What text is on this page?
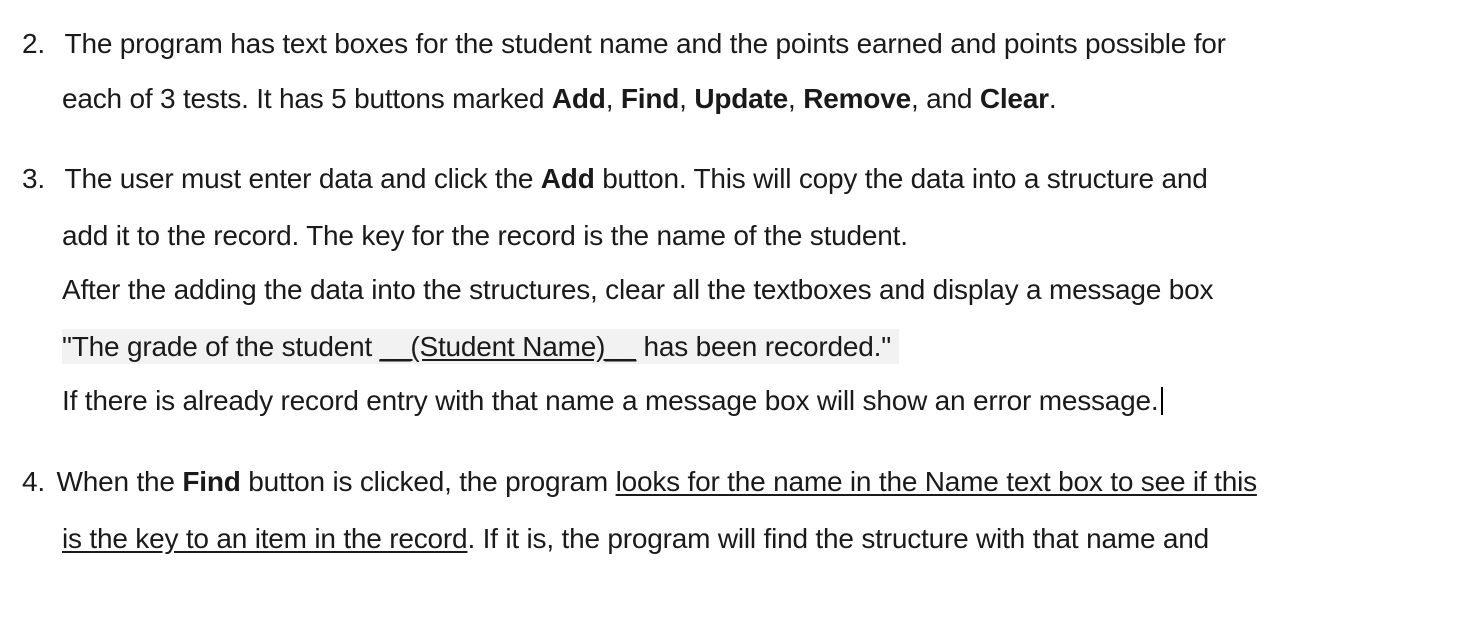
2. The program has text boxes for the student name and the points earned and points possible for
each of 3 tests. It has 5 buttons marked Add, Find, Update, Remove, and Clear.
3. The user must enter data and click the Add button. This will copy the data into a structure and
add it to the record. The key for the record is the name of the student.
After the adding the data into the structures, clear all the textboxes and display a message box
"The grade of the student __(Student Name)__ has been recorded."
If there is already record entry with that name a message box will show an error message.
4. When the Find button is clicked, the program looks for the name in the Name text box to see if this
is the key to an item in the record. If it is, the program will find the structure with that name and
